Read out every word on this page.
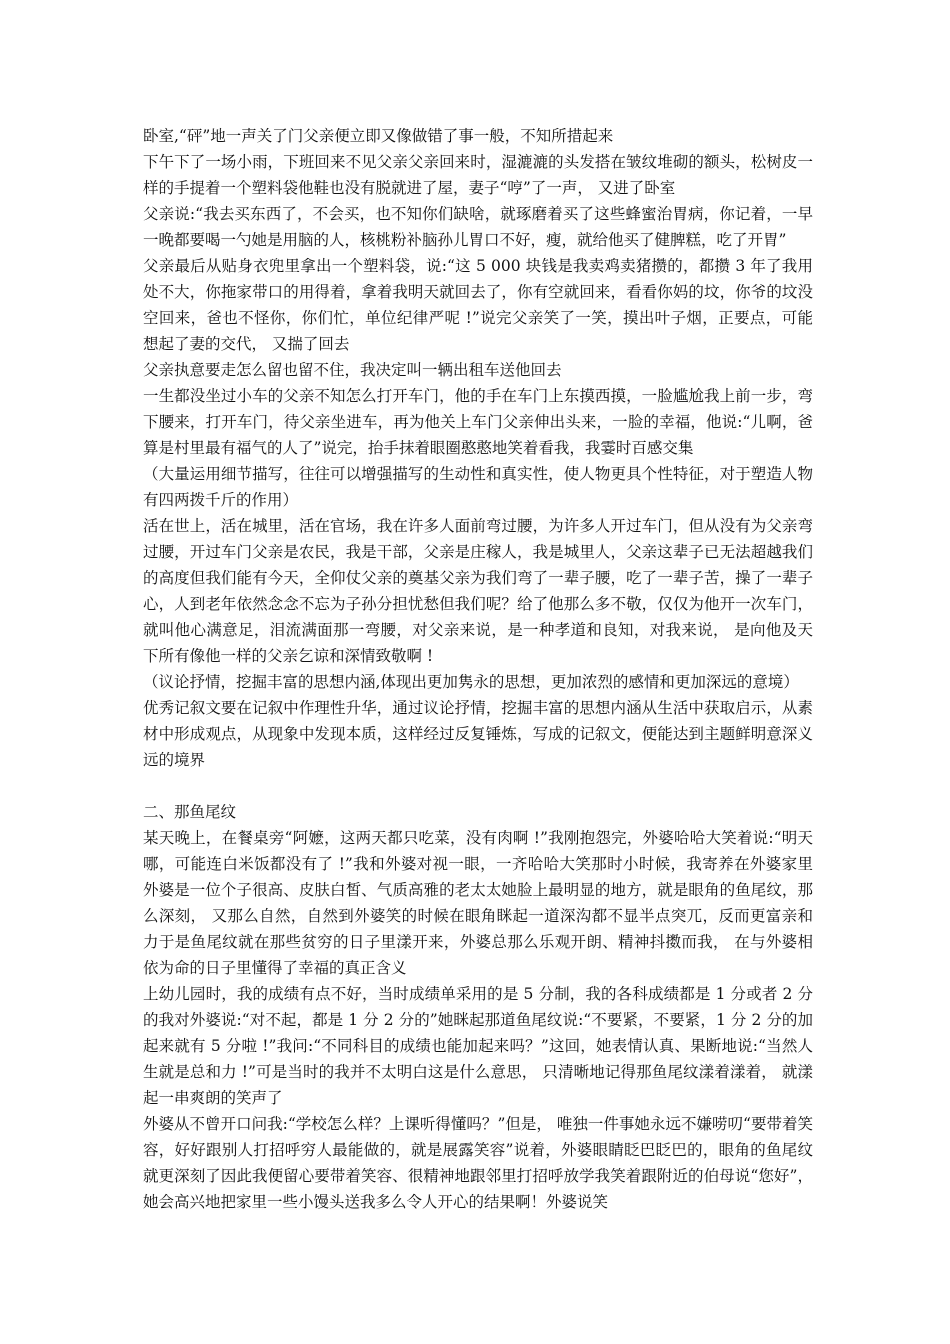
卧室,“砰”地一声关了门父亲便立即又像做错了事一般，不知所措起来

下午下了一场小雨，下班回来不见父亲父亲回来时，湿漉漉的头发搭在皱纹堆砌的额头，松树皮一样的手提着一个塑料袋他鞋也没有脱就进了屋，妻子“哼”了一声， 又进了卧室

父亲说:“我去买东西了，不会买，也不知你们缺啥，就琢磨着买了这些蜂蜜治胃病，你记着，一早一晚都要喝一勺她是用脑的人，核桃粉补脑孙儿胃口不好，瘦，就给他买了健脾糕，吃了开胃”

父亲最后从贴身衣兜里拿出一个塑料袋，说:“这 5 000 块钱是我卖鸡卖猪攒的，都攒 3 年了我用处不大，你拖家带口的用得着，拿着我明天就回去了，你有空就回来，看看你妈的坟，你爷的坟没空回来，爸也不怪你，你们忙，单位纪律严呢 !”说完父亲笑了一笑，摸出叶子烟，正要点，可能想起了妻的交代， 又揣了回去

父亲执意要走怎么留也留不住，我决定叫一辆出租车送他回去

一生都没坐过小车的父亲不知怎么打开车门，他的手在车门上东摸西摸，一脸尴尬我上前一步，弯下腰来，打开车门，待父亲坐进车，再为他关上车门父亲伸出头来，一脸的幸福，他说:“儿啊，爸算是村里最有福气的人了”说完，抬手抹着眼圈憨憨地笑着看我，我霎时百感交集

（大量运用细节描写，往往可以增强描写的生动性和真实性，使人物更具个性特征，对于塑造人物有四两拨千斤的作用）

活在世上，活在城里，活在官场，我在许多人面前弯过腰，为许多人开过车门，但从没有为父亲弯过腰，开过车门父亲是农民，我是干部，父亲是庄稼人，我是城里人，父亲这辈子已无法超越我们的高度但我们能有今天，全仰仗父亲的奠基父亲为我们弯了一辈子腰，吃了一辈子苦，操了一辈子心，人到老年依然念念不忘为子孙分担忧愁但我们呢？给了他那么多不敬，仅仅为他开一次车门，就叫他心满意足，泪流满面那一弯腰，对父亲来说，是一种孝道和良知，对我来说， 是向他及天下所有像他一样的父亲乞谅和深情致敬啊 !

（议论抒情，挖掘丰富的思想内涵,体现出更加隽永的思想，更加浓烈的感情和更加深远的意境）

优秀记叙文要在记叙中作理性升华，通过议论抒情，挖掘丰富的思想内涵从生活中获取启示，从素材中形成观点，从现象中发现本质，这样经过反复锤炼，写成的记叙文，便能达到主题鲜明意深义远的境界

二、那鱼尾纹

某天晚上，在餐桌旁“阿嬷，这两天都只吃菜，没有肉啊 !”我刚抱怨完，外婆哈哈大笑着说:“明天哪，可能连白米饭都没有了 !”我和外婆对视一眼，一齐哈哈大笑那时小时候，我寄养在外婆家里外婆是一位个子很高、皮肤白皙、气质高雅的老太太她脸上最明显的地方，就是眼角的鱼尾纹，那么深刻， 又那么自然，自然到外婆笑的时候在眼角眯起一道深沟都不显半点突兀，反而更富亲和力于是鱼尾纹就在那些贫穷的日子里漾开来，外婆总那么乐观开朗、精神抖擞而我， 在与外婆相依为命的日子里懂得了幸福的真正含义

上幼儿园时，我的成绩有点不好，当时成绩单采用的是 5 分制，我的各科成绩都是 1 分或者 2 分的我对外婆说:“对不起，都是 1 分 2 分的”她眯起那道鱼尾纹说:“不要紧，不要紧，1 分 2 分的加起来就有 5 分啦 !”我问:“不同科目的成绩也能加起来吗？”这回，她表情认真、果断地说:“当然人生就是总和力 !”可是当时的我并不太明白这是什么意思， 只清晰地记得那鱼尾纹漾着漾着， 就漾起一串爽朗的笑声了

外婆从不曾开口问我:“学校怎么样？上课听得懂吗？”但是， 唯独一件事她永远不嫌唠叨“要带着笑容，好好跟别人打招呼穷人最能做的，就是展露笑容”说着，外婆眼睛眨巴眨巴的，眼角的鱼尾纹就更深刻了因此我便留心要带着笑容、很精神地跟邻里打招呼放学我笑着跟附近的伯母说“您好”，她会高兴地把家里一些小馒头送我多么令人开心的结果啊！外婆说笑
